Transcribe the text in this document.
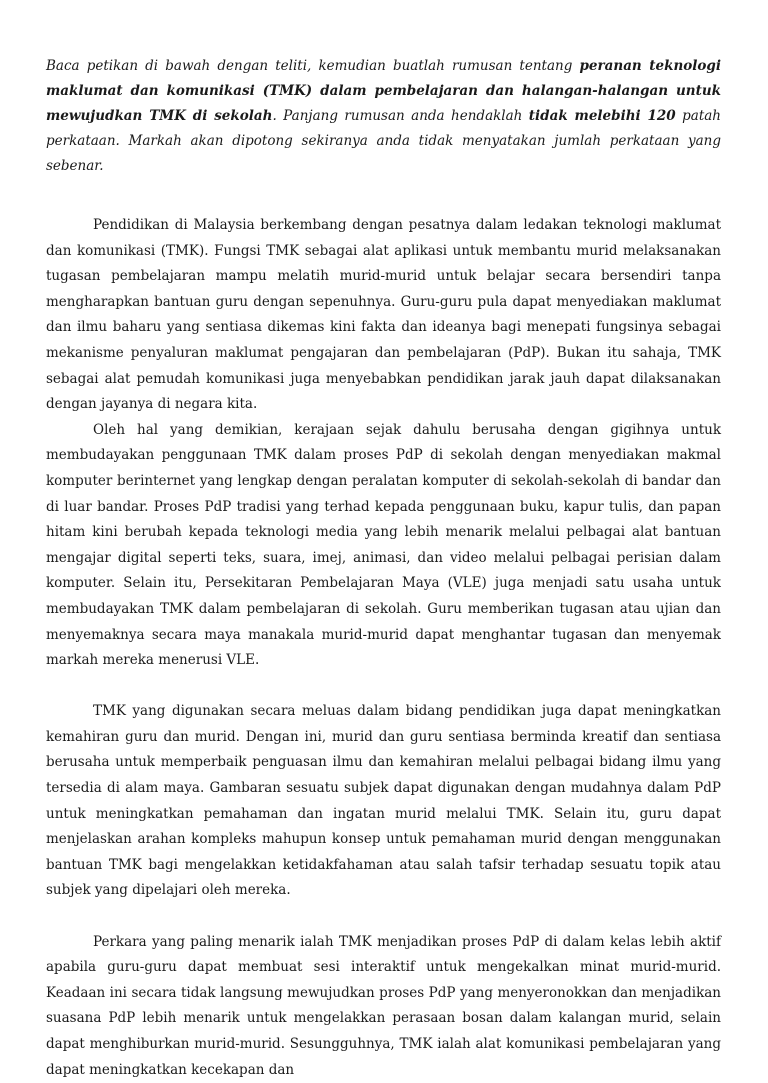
Baca petikan di bawah dengan teliti, kemudian buatlah rumusan tentang peranan teknologi maklumat dan komunikasi (TMK) dalam pembelajaran dan halangan-halangan untuk mewujudkan TMK di sekolah. Panjang rumusan anda hendaklah tidak melebihi 120 patah perkataan. Markah akan dipotong sekiranya anda tidak menyatakan jumlah perkataan yang sebenar.

Pendidikan di Malaysia berkembang dengan pesatnya dalam ledakan teknologi maklumat dan komunikasi (TMK). Fungsi TMK sebagai alat aplikasi untuk membantu murid melaksanakan tugasan pembelajaran mampu melatih murid-murid untuk belajar secara bersendiri tanpa mengharapkan bantuan guru dengan sepenuhnya. Guru-guru pula dapat menyediakan maklumat dan ilmu baharu yang sentiasa dikemas kini fakta dan ideanya bagi menepati fungsinya sebagai mekanisme penyaluran maklumat pengajaran dan pembelajaran (PdP). Bukan itu sahaja, TMK sebagai alat pemudah komunikasi juga menyebabkan pendidikan jarak jauh dapat dilaksanakan dengan jayanya di negara kita.

Oleh hal yang demikian, kerajaan sejak dahulu berusaha dengan gigihnya untuk membudayakan penggunaan TMK dalam proses PdP di sekolah dengan menyediakan makmal komputer berinternet yang lengkap dengan peralatan komputer di sekolah-sekolah di bandar dan di luar bandar. Proses PdP tradisi yang terhad kepada penggunaan buku, kapur tulis, dan papan hitam kini berubah kepada teknologi media yang lebih menarik melalui pelbagai alat bantuan mengajar digital seperti teks, suara, imej, animasi, dan video melalui pelbagai perisian dalam komputer. Selain itu, Persekitaran Pembelajaran Maya (VLE) juga menjadi satu usaha untuk membudayakan TMK dalam pembelajaran di sekolah. Guru memberikan tugasan atau ujian dan menyemaknya secara maya manakala murid-murid dapat menghantar tugasan dan menyemak markah mereka menerusi VLE.

TMK yang digunakan secara meluas dalam bidang pendidikan juga dapat meningkatkan kemahiran guru dan murid. Dengan ini, murid dan guru sentiasa berminda kreatif dan sentiasa berusaha untuk memperbaik penguasan ilmu dan kemahiran melalui pelbagai bidang ilmu yang tersedia di alam maya. Gambaran sesuatu subjek dapat digunakan dengan mudahnya dalam PdP untuk meningkatkan pemahaman dan ingatan murid melalui TMK. Selain itu, guru dapat menjelaskan arahan kompleks mahupun konsep untuk pemahaman murid dengan menggunakan bantuan TMK bagi mengelakkan ketidakfahaman atau salah tafsir terhadap sesuatu topik atau subjek yang dipelajari oleh mereka.

Perkara yang paling menarik ialah TMK menjadikan proses PdP di dalam kelas lebih aktif apabila guru-guru dapat membuat sesi interaktif untuk mengekalkan minat murid-murid. Keadaan ini secara tidak langsung mewujudkan proses PdP yang menyeronokkan dan menjadikan suasana PdP lebih menarik untuk mengelakkan perasaan bosan dalam kalangan murid, selain dapat menghiburkan murid-murid. Sesungguhnya, TMK ialah alat komunikasi pembelajaran yang dapat meningkatkan kecekapan dan
